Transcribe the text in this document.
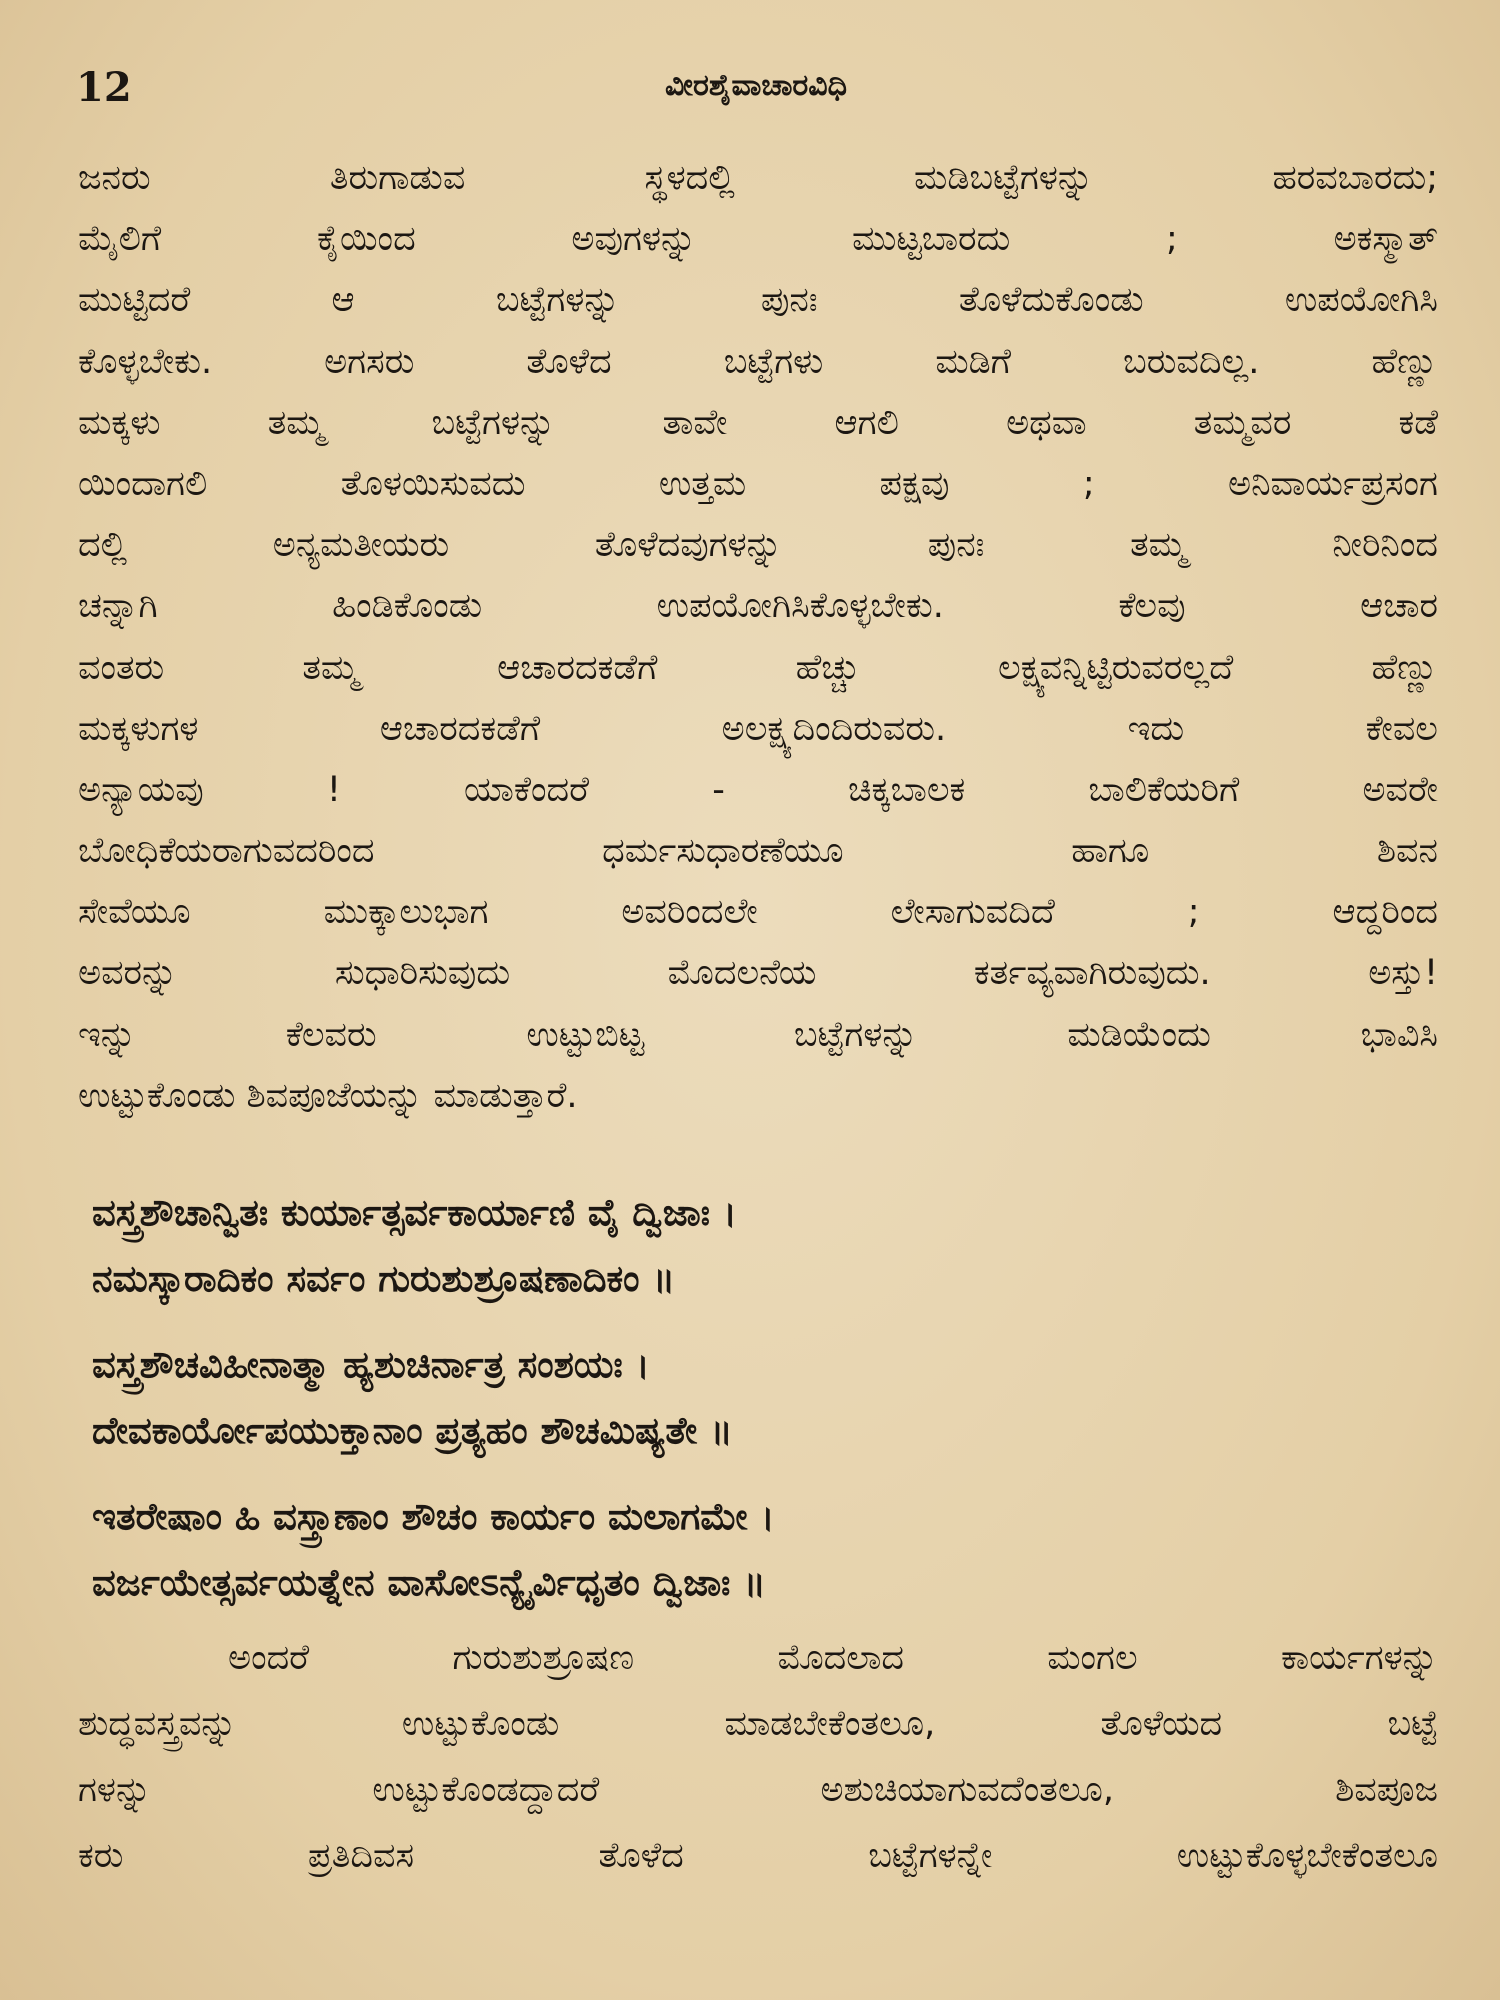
12	ವೀರಶೈವಾಚಾರವಿಧಿ
ಜನರು ತಿರುಗಾಡುವ ಸ್ಥಳದಲ್ಲಿ ಮಡಿಬಟ್ಟೆಗಳನ್ನು ಹರವಬಾರದು;
ಮೈಲಿಗೆ ಕೈಯಿಂದ ಅವುಗಳನ್ನು ಮುಟ್ಟಬಾರದು ; ಅಕಸ್ಮಾತ್
ಮುಟ್ಟಿದರೆ ಆ ಬಟ್ಟೆಗಳನ್ನು ಪುನಃ ತೊಳೆದುಕೊಂಡು ಉಪಯೋಗಿಸಿ
ಕೊಳ್ಳಬೇಕು. ಅಗಸರು ತೊಳೆದ ಬಟ್ಟೆಗಳು ಮಡಿಗೆ ಬರುವದಿಲ್ಲ. ಹೆಣ್ಣು
ಮಕ್ಕಳು ತಮ್ಮ ಬಟ್ಟೆಗಳನ್ನು ತಾವೇ ಆಗಲಿ ಅಥವಾ ತಮ್ಮವರ ಕಡೆ
ಯಿಂದಾಗಲಿ ತೊಳಯಿಸುವದು ಉತ್ತಮ ಪಕ್ಷವು ; ಅನಿವಾರ್ಯಪ್ರಸಂಗ
ದಲ್ಲಿ ಅನ್ಯಮತೀಯರು ತೊಳೆದವುಗಳನ್ನು ಪುನಃ ತಮ್ಮ ನೀರಿನಿಂದ
ಚನ್ನಾಗಿ ಹಿಂಡಿಕೊಂಡು ಉಪಯೋಗಿಸಿಕೊಳ್ಳಬೇಕು. ಕೆಲವು ಆಚಾರ
ವಂತರು ತಮ್ಮ ಆಚಾರದಕಡೆಗೆ ಹೆಚ್ಚು ಲಕ್ಷ್ಯವನ್ನಿಟ್ಟಿರುವರಲ್ಲದೆ ಹೆಣ್ಣು
ಮಕ್ಕಳುಗಳ ಆಚಾರದಕಡೆಗೆ ಅಲಕ್ಷ್ಯದಿಂದಿರುವರು. ಇದು ಕೇವಲ
ಅನ್ಯಾಯವು ! ಯಾಕೆಂದರೆ - ಚಿಕ್ಕಬಾಲಕ ಬಾಲಿಕೆಯರಿಗೆ ಅವರೇ
ಬೋಧಿಕೆಯರಾಗುವದರಿಂದ ಧರ್ಮಸುಧಾರಣೆಯೂ ಹಾಗೂ ಶಿವನ
ಸೇವೆಯೂ ಮುಕ್ಕಾಲುಭಾಗ ಅವರಿಂದಲೇ ಲೇಸಾಗುವದಿದೆ ; ಆದ್ದರಿಂದ
ಅವರನ್ನು ಸುಧಾರಿಸುವುದು ಮೊದಲನೆಯ ಕರ್ತವ್ಯವಾಗಿರುವುದು. ಅಸ್ತು!
ಇನ್ನು ಕೆಲವರು ಉಟ್ಟುಬಿಟ್ಟ ಬಟ್ಟೆಗಳನ್ನು ಮಡಿಯೆಂದು ಭಾವಿಸಿ
ಉಟ್ಟುಕೊಂಡು ಶಿವಪೂಜೆಯನ್ನು ಮಾಡುತ್ತಾರೆ.
ವಸ್ತ್ರಶೌಚಾನ್ವಿತಃ ಕುರ್ಯಾತ್ಸರ್ವಕಾರ್ಯಾಣಿ ವೈ ದ್ವಿಜಾಃ ।
ನಮಸ್ಕಾರಾದಿಕಂ ಸರ್ವಂ ಗುರುಶುಶ್ರೂಷಣಾದಿಕಂ ॥
ವಸ್ತ್ರಶೌಚವಿಹೀನಾತ್ಮಾ ಹ್ಯಶುಚಿರ್ನಾತ್ರ ಸಂಶಯಃ ।
ದೇವಕಾರ್ಯೋಪಯುಕ್ತಾನಾಂ ಪ್ರತ್ಯಹಂ ಶೌಚಮಿಷ್ಯತೇ ॥
ಇತರೇಷಾಂ ಹಿ ವಸ್ತ್ರಾಣಾಂ ಶೌಚಂ ಕಾರ್ಯಂ ಮಲಾಗಮೇ ।
ವರ್ಜಯೇತ್ಸರ್ವಯತ್ನೇನ ವಾಸೋಽನ್ಯೈರ್ವಿಧೃತಂ ದ್ವಿಜಾಃ ॥
ಅಂದರೆ ಗುರುಶುಶ್ರೂಷಣ ಮೊದಲಾದ ಮಂಗಲ ಕಾರ್ಯಗಳನ್ನು
ಶುದ್ಧವಸ್ತ್ರವನ್ನು ಉಟ್ಟುಕೊಂಡು ಮಾಡಬೇಕೆಂತಲೂ, ತೊಳೆಯದ ಬಟ್ಟೆ
ಗಳನ್ನು ಉಟ್ಟುಕೊಂಡದ್ದಾದರೆ ಅಶುಚಿಯಾಗುವದೆಂತಲೂ, ಶಿವಪೂಜ
ಕರು ಪ್ರತಿದಿವಸ ತೊಳೆದ ಬಟ್ಟೆಗಳನ್ನೇ ಉಟ್ಟುಕೊಳ್ಳಬೇಕೆಂತಲೂ
